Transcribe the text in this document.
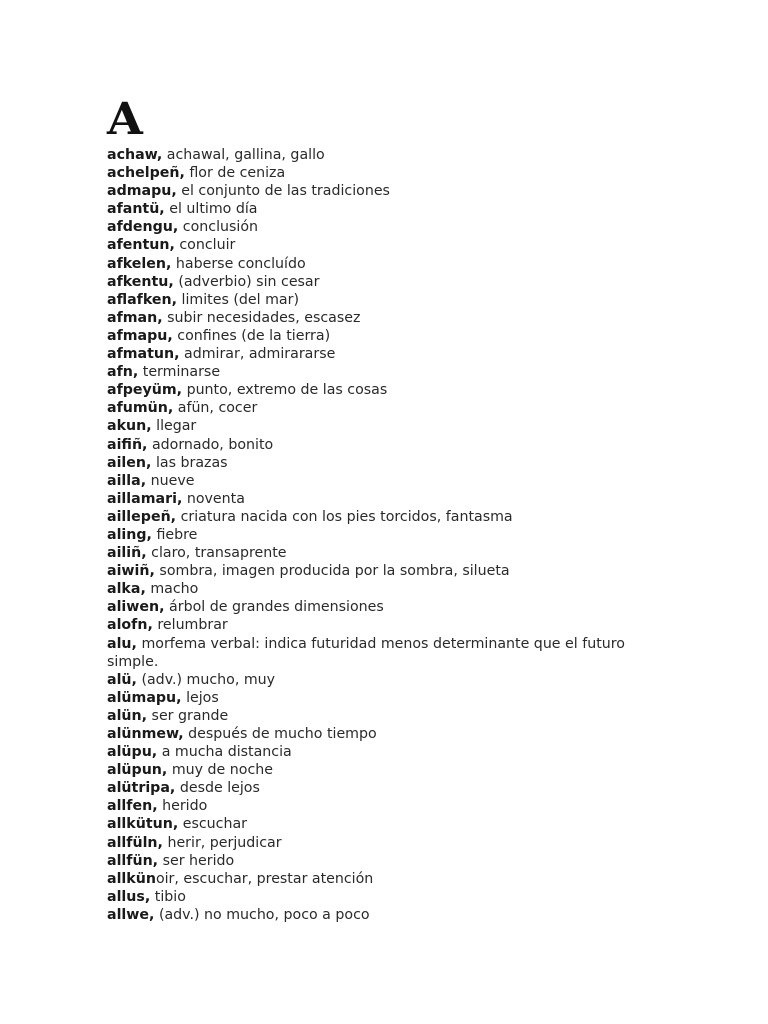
A
achaw, achawal, gallina, gallo
achelpeñ, flor de ceniza
admapu, el conjunto de las tradiciones
afantü, el ultimo día
afdengu, conclusión
afentun, concluir
afkelen, haberse concluído
afkentu, (adverbio) sin cesar
aflafken, limites (del mar)
afman, subir necesidades, escasez
afmapu, confines (de la tierra)
afmatun, admirar, admirararse
afn, terminarse
afpeyüm, punto, extremo de las cosas
afumün, afün, cocer
akun, llegar
aifiñ, adornado, bonito
ailen, las brazas
ailla, nueve
aillamari, noventa
aillepeñ, criatura nacida con los pies torcidos, fantasma
aling, fiebre
ailiñ, claro, transaprente
aiwiñ, sombra, imagen producida por la sombra, silueta
alka, macho
aliwen, árbol de grandes dimensiones
alofn, relumbrar
alu, morfema verbal: indica futuridad menos determinante que el futuro simple.
alü, (adv.) mucho, muy
alümapu, lejos
alün, ser grande
alünmew, después de mucho tiempo
alüpu, a mucha distancia
alüpun, muy de noche
alütripa, desde lejos
allfen, herido
allkütun, escuchar
allfüln, herir, perjudicar
allfün, ser herido
allkünoir, escuchar, prestar atención
allus, tibio
allwe, (adv.) no mucho, poco a poco
